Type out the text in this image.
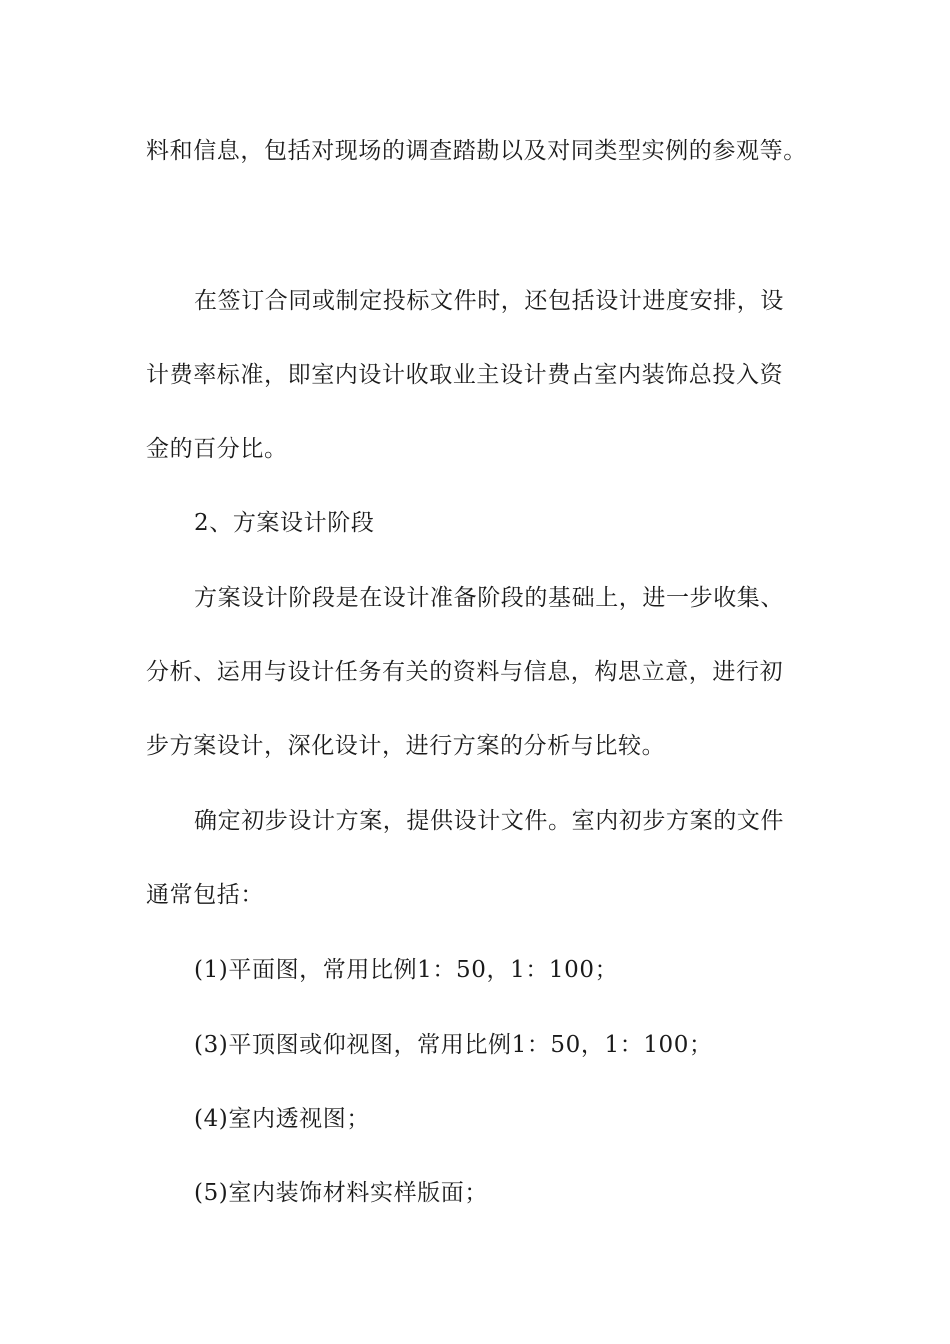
料和信息，包括对现场的调查踏勘以及对同类型实例的参观等。
在签订合同或制定投标文件时，还包括设计进度安排，设
计费率标准，即室内设计收取业主设计费占室内装饰总投入资
金的百分比。
2、方案设计阶段
方案设计阶段是在设计准备阶段的基础上，进一步收集、
分析、运用与设计任务有关的资料与信息，构思立意，进行初
步方案设计，深化设计，进行方案的分析与比较。
确定初步设计方案，提供设计文件。室内初步方案的文件
通常包括：
(1)平面图，常用比例1：50，1：100；
(3)平顶图或仰视图，常用比例1：50，1：100；
(4)室内透视图；
(5)室内装饰材料实样版面；
